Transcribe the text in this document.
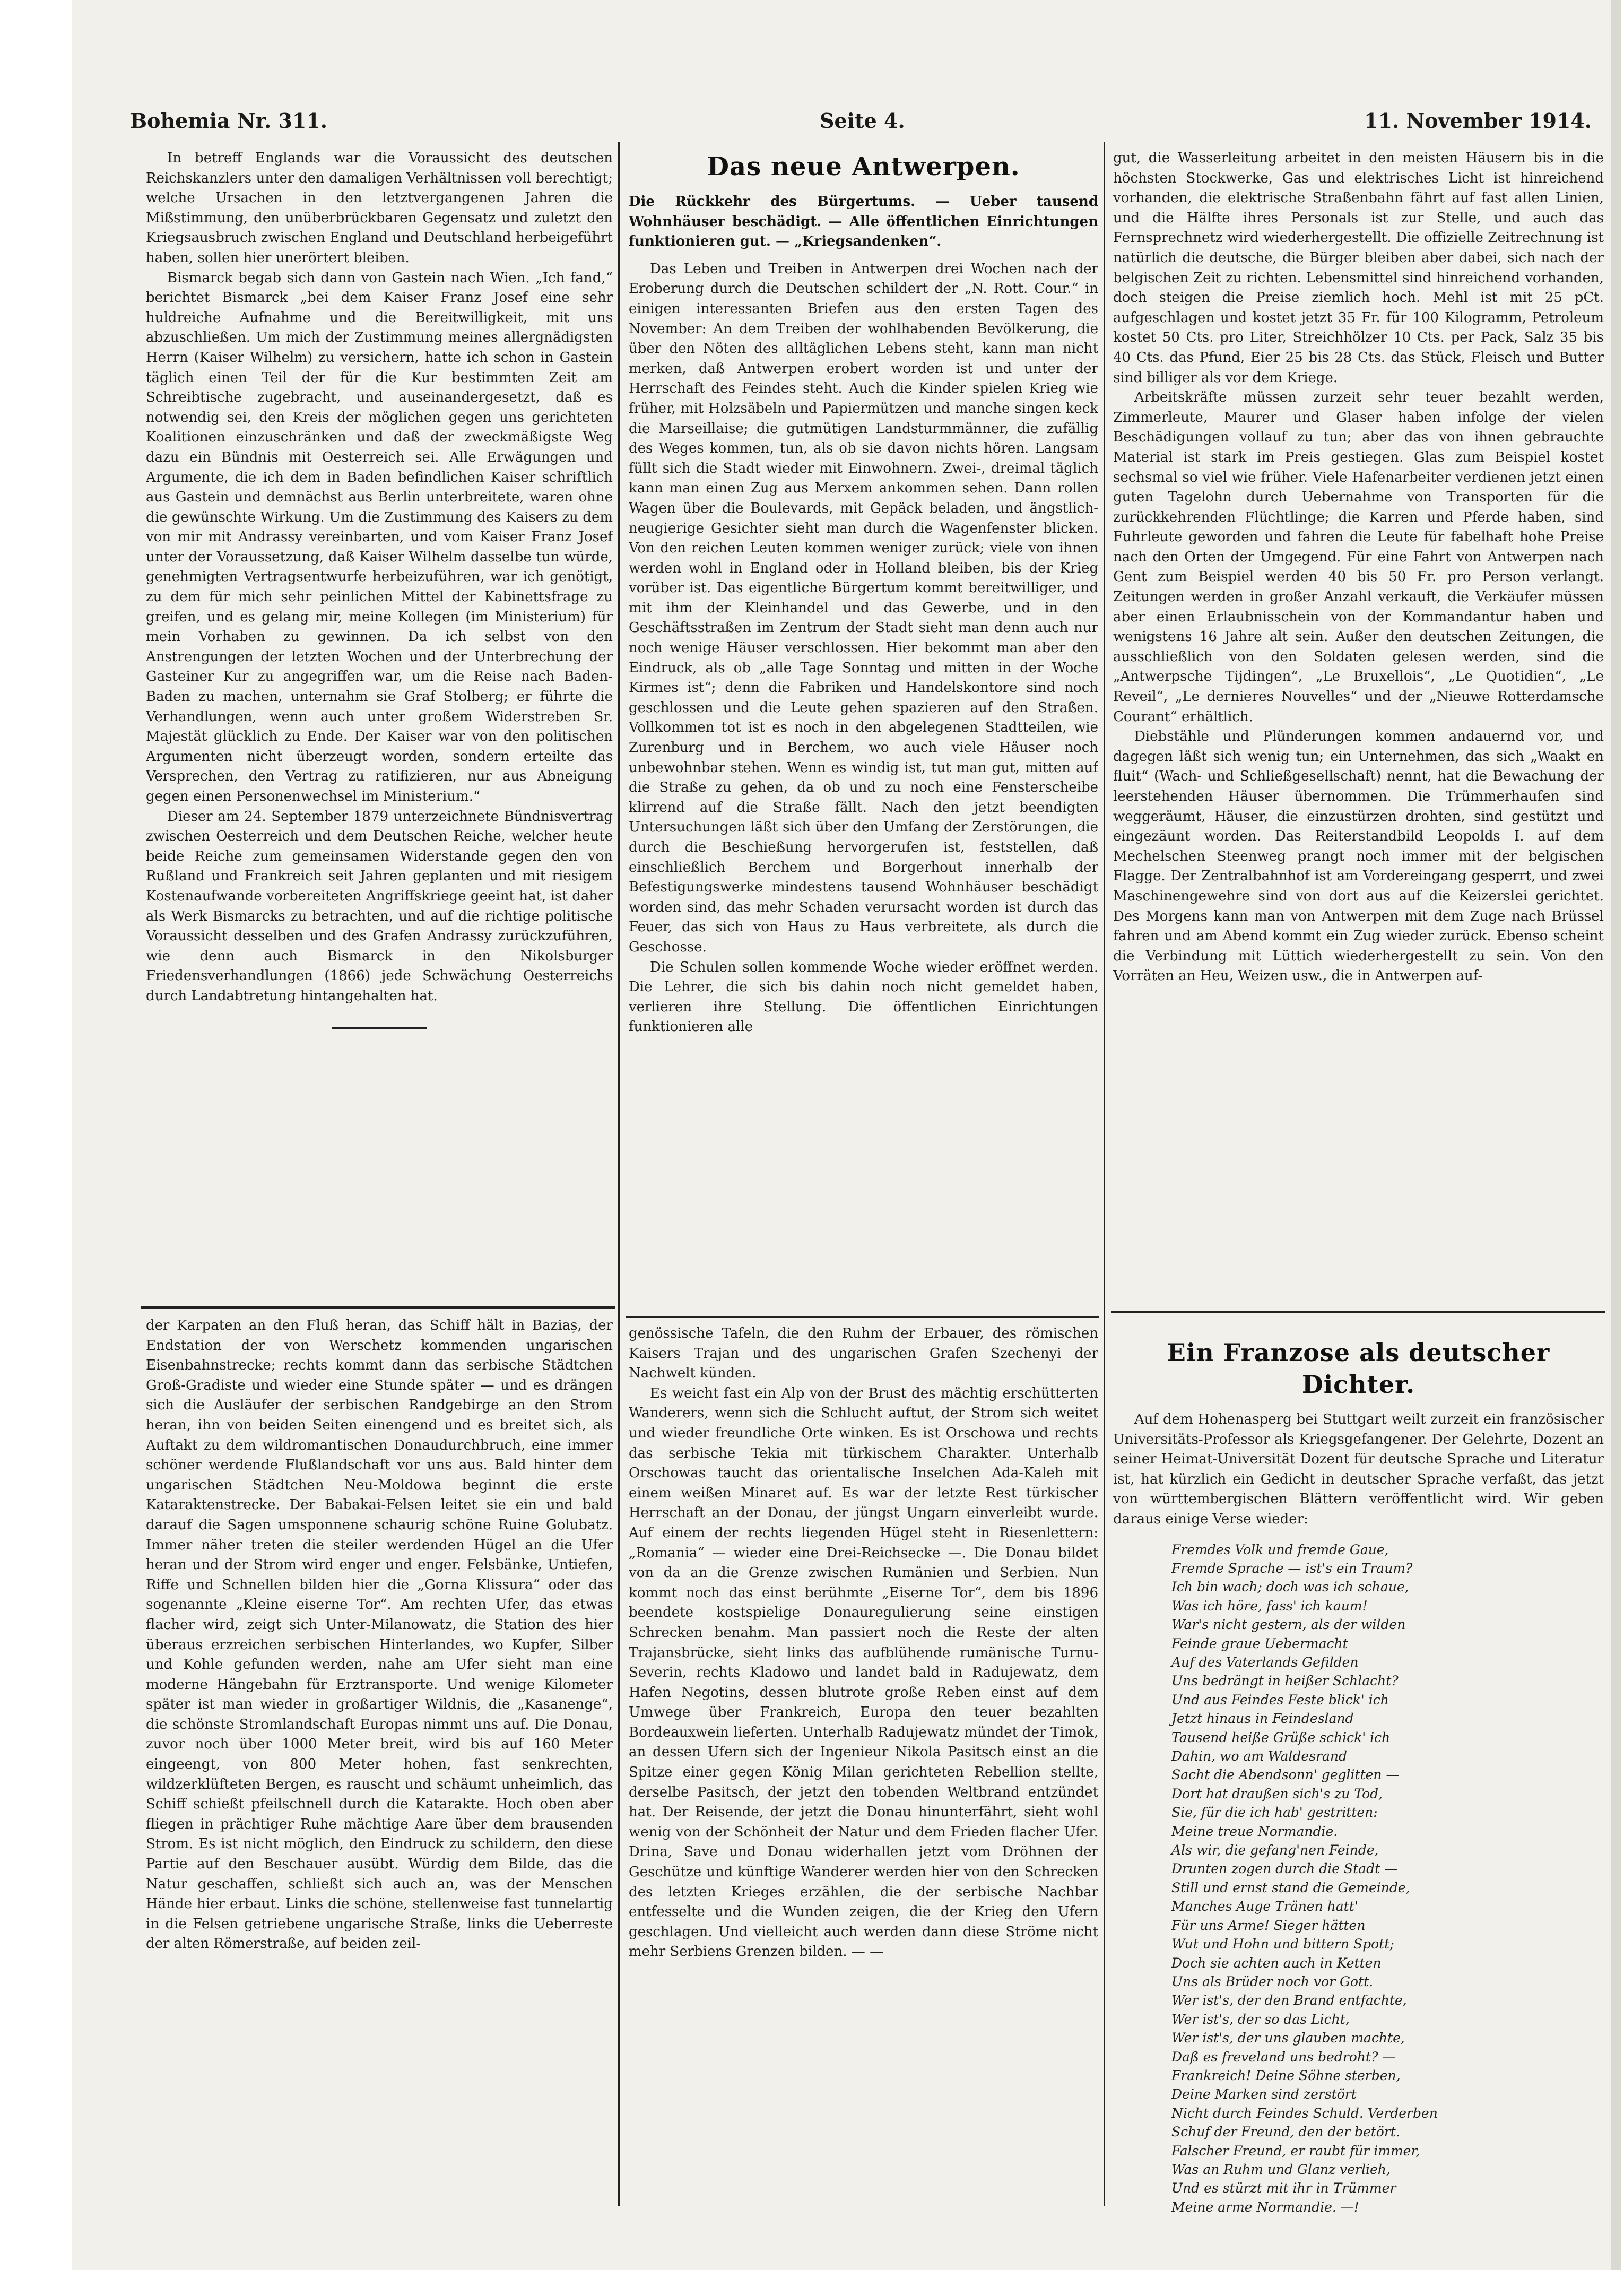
Bohemia Nr. 311.	Seite 4.	11. November 1914.

In betreff Englands war die Voraussicht des deutschen Reichskanzlers unter den damaligen Verhältnissen voll berechtigt; welche Ursachen in den letztvergangenen Jahren die Mißstimmung, den unüberbrückbaren Gegensatz und zuletzt den Kriegsausbruch zwischen England und Deutschland herbeigeführt haben, sollen hier unerörtert bleiben.

Bismarck begab sich dann von Gastein nach Wien. „Ich fand,“ berichtet Bismarck „bei dem Kaiser Franz Josef eine sehr huldreiche Aufnahme und die Bereitwilligkeit, mit uns abzuschließen. Um mich der Zustimmung meines allergnädigsten Herrn (Kaiser Wilhelm) zu versichern, hatte ich schon in Gastein täglich einen Teil der für die Kur bestimmten Zeit am Schreibtische zugebracht, und auseinandergesetzt, daß es notwendig sei, den Kreis der möglichen gegen uns gerichteten Koalitionen einzuschränken und daß der zweckmäßigste Weg dazu ein Bündnis mit Oesterreich sei. Alle Erwägungen und Argumente, die ich dem in Baden befindlichen Kaiser schriftlich aus Gastein und demnächst aus Berlin unterbreitete, waren ohne die gewünschte Wirkung. Um die Zustimmung des Kaisers zu dem von mir mit Andrassy vereinbarten, und vom Kaiser Franz Josef unter der Voraussetzung, daß Kaiser Wilhelm dasselbe tun würde, genehmigten Vertragsentwurfe herbeizuführen, war ich genötigt, zu dem für mich sehr peinlichen Mittel der Kabinettsfrage zu greifen, und es gelang mir, meine Kollegen (im Ministerium) für mein Vorhaben zu gewinnen. Da ich selbst von den Anstrengungen der letzten Wochen und der Unterbrechung der Gasteiner Kur zu angegriffen war, um die Reise nach Baden-Baden zu machen, unternahm sie Graf Stolberg; er führte die Verhandlungen, wenn auch unter großem Widerstreben Sr. Majestät glücklich zu Ende. Der Kaiser war von den politischen Argumenten nicht überzeugt worden, sondern erteilte das Versprechen, den Vertrag zu ratifizieren, nur aus Abneigung gegen einen Personenwechsel im Ministerium.“

Dieser am 24. September 1879 unterzeichnete Bündnisvertrag zwischen Oesterreich und dem Deutschen Reiche, welcher heute beide Reiche zum gemeinsamen Widerstande gegen den von Rußland und Frankreich seit Jahren geplanten und mit riesigem Kostenaufwande vorbereiteten Angriffskriege geeint hat, ist daher als Werk Bismarcks zu betrachten, und auf die richtige politische Voraussicht desselben und des Grafen Andrassy zurückzuführen, wie denn auch Bismarck in den Nikolsburger Friedensverhandlungen (1866) jede Schwächung Oesterreichs durch Landabtretung hintangehalten hat.

Das neue Antwerpen.
Die Rückkehr des Bürgertums. — Ueber tausend Wohnhäuser beschädigt. — Alle öffentlichen Einrichtungen funktionieren gut. — „Kriegsandenken“.

Das Leben und Treiben in Antwerpen drei Wochen nach der Eroberung durch die Deutschen schildert der „N. Rott. Cour.“ in einigen interessanten Briefen aus den ersten Tagen des November: An dem Treiben der wohlhabenden Bevölkerung, die über den Nöten des alltäglichen Lebens steht, kann man nicht merken, daß Antwerpen erobert worden ist und unter der Herrschaft des Feindes steht. Auch die Kinder spielen Krieg wie früher, mit Holzsäbeln und Papiermützen und manche singen keck die Marseillaise; die gutmütigen Landsturmmänner, die zufällig des Weges kommen, tun, als ob sie davon nichts hören. Langsam füllt sich die Stadt wieder mit Einwohnern. Zwei-, dreimal täglich kann man einen Zug aus Merxem ankommen sehen. Dann rollen Wagen über die Boulevards, mit Gepäck beladen, und ängstlich-neugierige Gesichter sieht man durch die Wagenfenster blicken. Von den reichen Leuten kommen weniger zurück; viele von ihnen werden wohl in England oder in Holland bleiben, bis der Krieg vorüber ist. Das eigentliche Bürgertum kommt bereitwilliger, und mit ihm der Kleinhandel und das Gewerbe, und in den Geschäftsstraßen im Zentrum der Stadt sieht man denn auch nur noch wenige Häuser verschlossen. Hier bekommt man aber den Eindruck, als ob „alle Tage Sonntag und mitten in der Woche Kirmes ist“; denn die Fabriken und Handelskontore sind noch geschlossen und die Leute gehen spazieren auf den Straßen. Vollkommen tot ist es noch in den abgelegenen Stadtteilen, wie Zurenburg und in Berchem, wo auch viele Häuser noch unbewohnbar stehen. Wenn es windig ist, tut man gut, mitten auf die Straße zu gehen, da ob und zu noch eine Fensterscheibe klirrend auf die Straße fällt. Nach den jetzt beendigten Untersuchungen läßt sich über den Umfang der Zerstörungen, die durch die Beschießung hervorgerufen ist, feststellen, daß einschließlich Berchem und Borgerhout innerhalb der Befestigungswerke mindestens tausend Wohnhäuser beschädigt worden sind, das mehr Schaden verursacht worden ist durch das Feuer, das sich von Haus zu Haus verbreitete, als durch die Geschosse.

Die Schulen sollen kommende Woche wieder eröffnet werden. Die Lehrer, die sich bis dahin noch nicht gemeldet haben, verlieren ihre Stellung. Die öffentlichen Einrichtungen funktionieren alle

gut, die Wasserleitung arbeitet in den meisten Häusern bis in die höchsten Stockwerke, Gas und elektrisches Licht ist hinreichend vorhanden, die elektrische Straßenbahn fährt auf fast allen Linien, und die Hälfte ihres Personals ist zur Stelle, und auch das Fernsprechnetz wird wiederhergestellt. Die offizielle Zeitrechnung ist natürlich die deutsche, die Bürger bleiben aber dabei, sich nach der belgischen Zeit zu richten. Lebensmittel sind hinreichend vorhanden, doch steigen die Preise ziemlich hoch. Mehl ist mit 25 pCt. aufgeschlagen und kostet jetzt 35 Fr. für 100 Kilogramm, Petroleum kostet 50 Cts. pro Liter, Streichhölzer 10 Cts. per Pack, Salz 35 bis 40 Cts. das Pfund, Eier 25 bis 28 Cts. das Stück, Fleisch und Butter sind billiger als vor dem Kriege.

Arbeitskräfte müssen zurzeit sehr teuer bezahlt werden, Zimmerleute, Maurer und Glaser haben infolge der vielen Beschädigungen vollauf zu tun; aber das von ihnen gebrauchte Material ist stark im Preis gestiegen. Glas zum Beispiel kostet sechsmal so viel wie früher. Viele Hafenarbeiter verdienen jetzt einen guten Tagelohn durch Uebernahme von Transporten für die zurückkehrenden Flüchtlinge; die Karren und Pferde haben, sind Fuhrleute geworden und fahren die Leute für fabelhaft hohe Preise nach den Orten der Umgegend. Für eine Fahrt von Antwerpen nach Gent zum Beispiel werden 40 bis 50 Fr. pro Person verlangt. Zeitungen werden in großer Anzahl verkauft, die Verkäufer müssen aber einen Erlaubnisschein von der Kommandantur haben und wenigstens 16 Jahre alt sein. Außer den deutschen Zeitungen, die ausschließlich von den Soldaten gelesen werden, sind die „Antwerpsche Tijdingen“, „Le Bruxellois“, „Le Quotidien“, „Le Reveil“, „Le dernieres Nouvelles“ und der „Nieuwe Rotterdamsche Courant“ erhältlich.

Diebstähle und Plünderungen kommen andauernd vor, und dagegen läßt sich wenig tun; ein Unternehmen, das sich „Waakt en fluit“ (Wach- und Schließgesellschaft) nennt, hat die Bewachung der leerstehenden Häuser übernommen. Die Trümmerhaufen sind weggeräumt, Häuser, die einzustürzen drohten, sind gestützt und eingezäunt worden. Das Reiterstandbild Leopolds I. auf dem Mechelschen Steenweg prangt noch immer mit der belgischen Flagge. Der Zentralbahnhof ist am Vordereingang gesperrt, und zwei Maschinengewehre sind von dort aus auf die Keizerslei gerichtet. Des Morgens kann man von Antwerpen mit dem Zuge nach Brüssel fahren und am Abend kommt ein Zug wieder zurück. Ebenso scheint die Verbindung mit Lüttich wiederhergestellt zu sein. Von den Vorräten an Heu, Weizen usw., die in Antwerpen auf-

der Karpaten an den Fluß heran, das Schiff hält in Baziaș, der Endstation der von Werschetz kommenden ungarischen Eisenbahnstrecke; rechts kommt dann das serbische Städtchen Groß-Gradiste und wieder eine Stunde später — und es drängen sich die Ausläufer der serbischen Randgebirge an den Strom heran, ihn von beiden Seiten einengend und es breitet sich, als Auftakt zu dem wildromantischen Donaudurchbruch, eine immer schöner werdende Flußlandschaft vor uns aus. Bald hinter dem ungarischen Städtchen Neu-Moldowa beginnt die erste Kataraktenstrecke. Der Babakai-Felsen leitet sie ein und bald darauf die Sagen umsponnene schaurig schöne Ruine Golubatz. Immer näher treten die steiler werdenden Hügel an die Ufer heran und der Strom wird enger und enger. Felsbänke, Untiefen, Riffe und Schnellen bilden hier die „Gorna Klissura“ oder das sogenannte „Kleine eiserne Tor“. Am rechten Ufer, das etwas flacher wird, zeigt sich Unter-Milanowatz, die Station des hier überaus erzreichen serbischen Hinterlandes, wo Kupfer, Silber und Kohle gefunden werden, nahe am Ufer sieht man eine moderne Hängebahn für Erztransporte. Und wenige Kilometer später ist man wieder in großartiger Wildnis, die „Kasanenge“, die schönste Stromlandschaft Europas nimmt uns auf. Die Donau, zuvor noch über 1000 Meter breit, wird bis auf 160 Meter eingeengt, von 800 Meter hohen, fast senkrechten, wildzerklüfteten Bergen, es rauscht und schäumt unheimlich, das Schiff schießt pfeilschnell durch die Katarakte. Hoch oben aber fliegen in prächtiger Ruhe mächtige Aare über dem brausenden Strom. Es ist nicht möglich, den Eindruck zu schildern, den diese Partie auf den Beschauer ausübt. Würdig dem Bilde, das die Natur geschaffen, schließt sich auch an, was der Menschen Hände hier erbaut. Links die schöne, stellenweise fast tunnelartig in die Felsen getriebene ungarische Straße, links die Ueberreste der alten Römerstraße, auf beiden zeil-

genössische Tafeln, die den Ruhm der Erbauer, des römischen Kaisers Trajan und des ungarischen Grafen Szechenyi der Nachwelt künden.

Es weicht fast ein Alp von der Brust des mächtig erschütterten Wanderers, wenn sich die Schlucht auftut, der Strom sich weitet und wieder freundliche Orte winken. Es ist Orschowa und rechts das serbische Tekia mit türkischem Charakter. Unterhalb Orschowas taucht das orientalische Inselchen Ada-Kaleh mit einem weißen Minaret auf. Es war der letzte Rest türkischer Herrschaft an der Donau, der jüngst Ungarn einverleibt wurde. Auf einem der rechts liegenden Hügel steht in Riesenlettern: „Romania“ — wieder eine Drei-Reichsecke —. Die Donau bildet von da an die Grenze zwischen Rumänien und Serbien. Nun kommt noch das einst berühmte „Eiserne Tor“, dem bis 1896 beendete kostspielige Donauregulierung seine einstigen Schrecken benahm. Man passiert noch die Reste der alten Trajansbrücke, sieht links das aufblühende rumänische Turnu-Severin, rechts Kladowo und landet bald in Radujewatz, dem Hafen Negotins, dessen blutrote große Reben einst auf dem Umwege über Frankreich, Europa den teuer bezahlten Bordeauxwein lieferten. Unterhalb Radujewatz mündet der Timok, an dessen Ufern sich der Ingenieur Nikola Pasitsch einst an die Spitze einer gegen König Milan gerichteten Rebellion stellte, derselbe Pasitsch, der jetzt den tobenden Weltbrand entzündet hat. Der Reisende, der jetzt die Donau hinunterfährt, sieht wohl wenig von der Schönheit der Natur und dem Frieden flacher Ufer. Drina, Save und Donau widerhallen jetzt vom Dröhnen der Geschütze und künftige Wanderer werden hier von den Schrecken des letzten Krieges erzählen, die der serbische Nachbar entfesselte und die Wunden zeigen, die der Krieg den Ufern geschlagen. Und vielleicht auch werden dann diese Ströme nicht mehr Serbiens Grenzen bilden. — —

Ein Franzose als deutscher Dichter.

Auf dem Hohenasperg bei Stuttgart weilt zurzeit ein französischer Universitäts-Professor als Kriegsgefangener. Der Gelehrte, Dozent an seiner Heimat-Universität Dozent für deutsche Sprache und Literatur ist, hat kürzlich ein Gedicht in deutscher Sprache verfaßt, das jetzt von württembergischen Blättern veröffentlicht wird. Wir geben daraus einige Verse wieder:

Fremdes Volk und fremde Gaue,
Fremde Sprache — ist's ein Traum?
Ich bin wach; doch was ich schaue,
Was ich höre, fass' ich kaum!
War's nicht gestern, als der wilden
Feinde graue Uebermacht
Auf des Vaterlands Gefilden
Uns bedrängt in heißer Schlacht?
Und aus Feindes Feste blick' ich
Jetzt hinaus in Feindesland
Tausend heiße Grüße schick' ich
Dahin, wo am Waldesrand
Sacht die Abendsonn' geglitten —
Dort hat draußen sich's zu Tod,
Sie, für die ich hab' gestritten:
Meine treue Normandie.
Als wir, die gefang'nen Feinde,
Drunten zogen durch die Stadt —
Still und ernst stand die Gemeinde,
Manches Auge Tränen hatt'
Für uns Arme! Sieger hätten
Wut und Hohn und bittern Spott;
Doch sie achten auch in Ketten
Uns als Brüder noch vor Gott.
Wer ist's, der den Brand entfachte,
Wer ist's, der so das Licht,
Wer ist's, der uns glauben machte,
Daß es freveland uns bedroht? —
Frankreich! Deine Söhne sterben,
Deine Marken sind zerstört
Nicht durch Feindes Schuld. Verderben
Schuf der Freund, den der betört.
Falscher Freund, er raubt für immer,
Was an Ruhm und Glanz verlieh,
Und es stürzt mit ihr in Trümmer
Meine arme Normandie. —!
